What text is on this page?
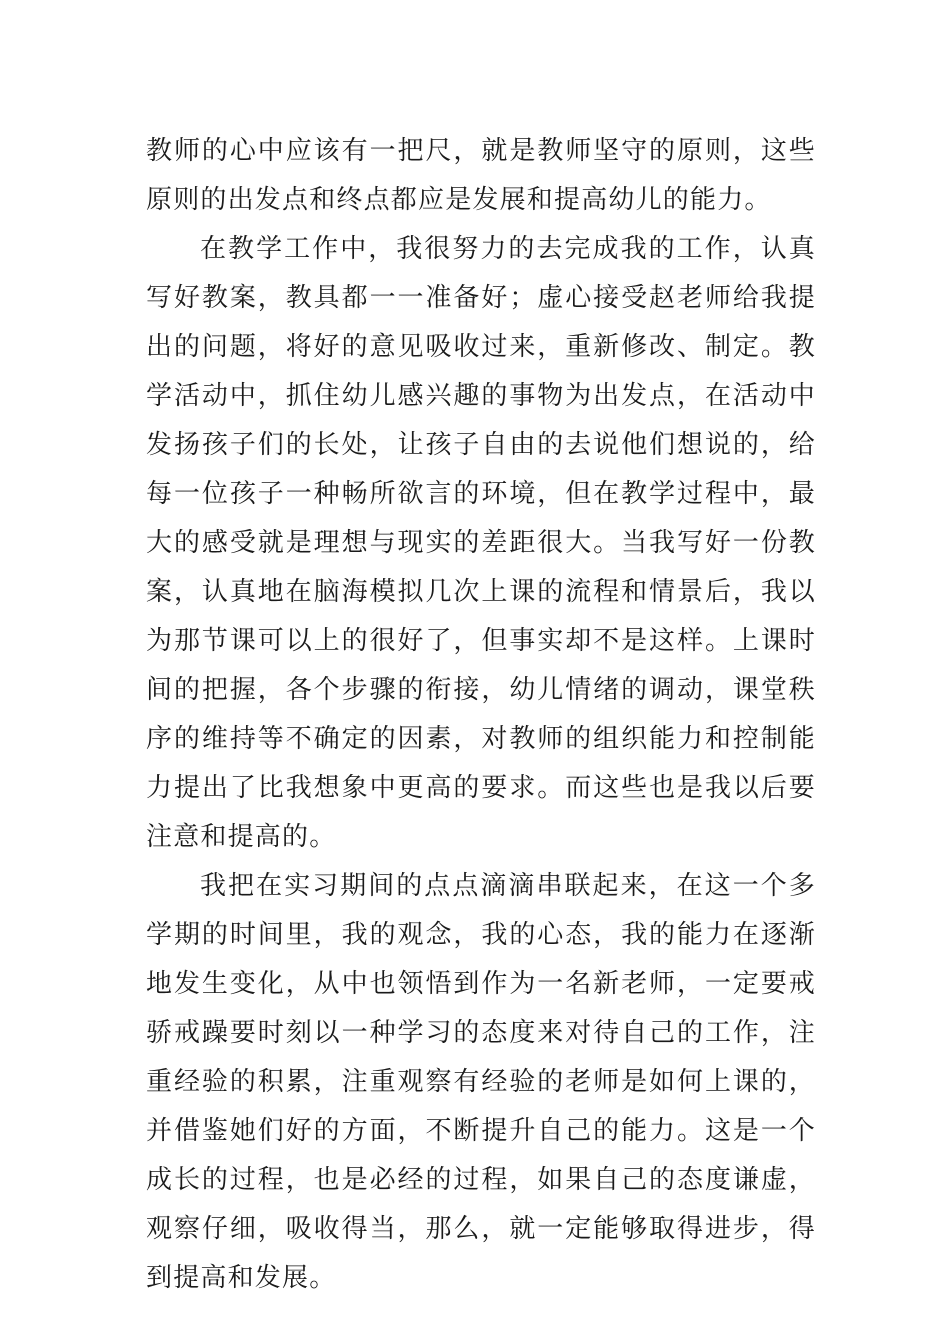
教师的心中应该有一把尺，就是教师坚守的原则，这些原则的出发点和终点都应是发展和提高幼儿的能力。

在教学工作中，我很努力的去完成我的工作，认真写好教案，教具都一一准备好；虚心接受赵老师给我提出的问题，将好的意见吸收过来，重新修改、制定。教学活动中，抓住幼儿感兴趣的事物为出发点，在活动中发扬孩子们的长处，让孩子自由的去说他们想说的，给每一位孩子一种畅所欲言的环境，但在教学过程中，最大的感受就是理想与现实的差距很大。当我写好一份教案，认真地在脑海模拟几次上课的流程和情景后，我以为那节课可以上的很好了，但事实却不是这样。上课时间的把握，各个步骤的衔接，幼儿情绪的调动，课堂秩序的维持等不确定的因素，对教师的组织能力和控制能力提出了比我想象中更高的要求。而这些也是我以后要注意和提高的。

我把在实习期间的点点滴滴串联起来，在这一个多学期的时间里，我的观念，我的心态，我的能力在逐渐地发生变化，从中也领悟到作为一名新老师，一定要戒骄戒躁要时刻以一种学习的态度来对待自己的工作，注重经验的积累，注重观察有经验的老师是如何上课的，并借鉴她们好的方面，不断提升自己的能力。这是一个成长的过程，也是必经的过程，如果自己的态度谦虚，观察仔细，吸收得当，那么，就一定能够取得进步，得到提高和发展。
